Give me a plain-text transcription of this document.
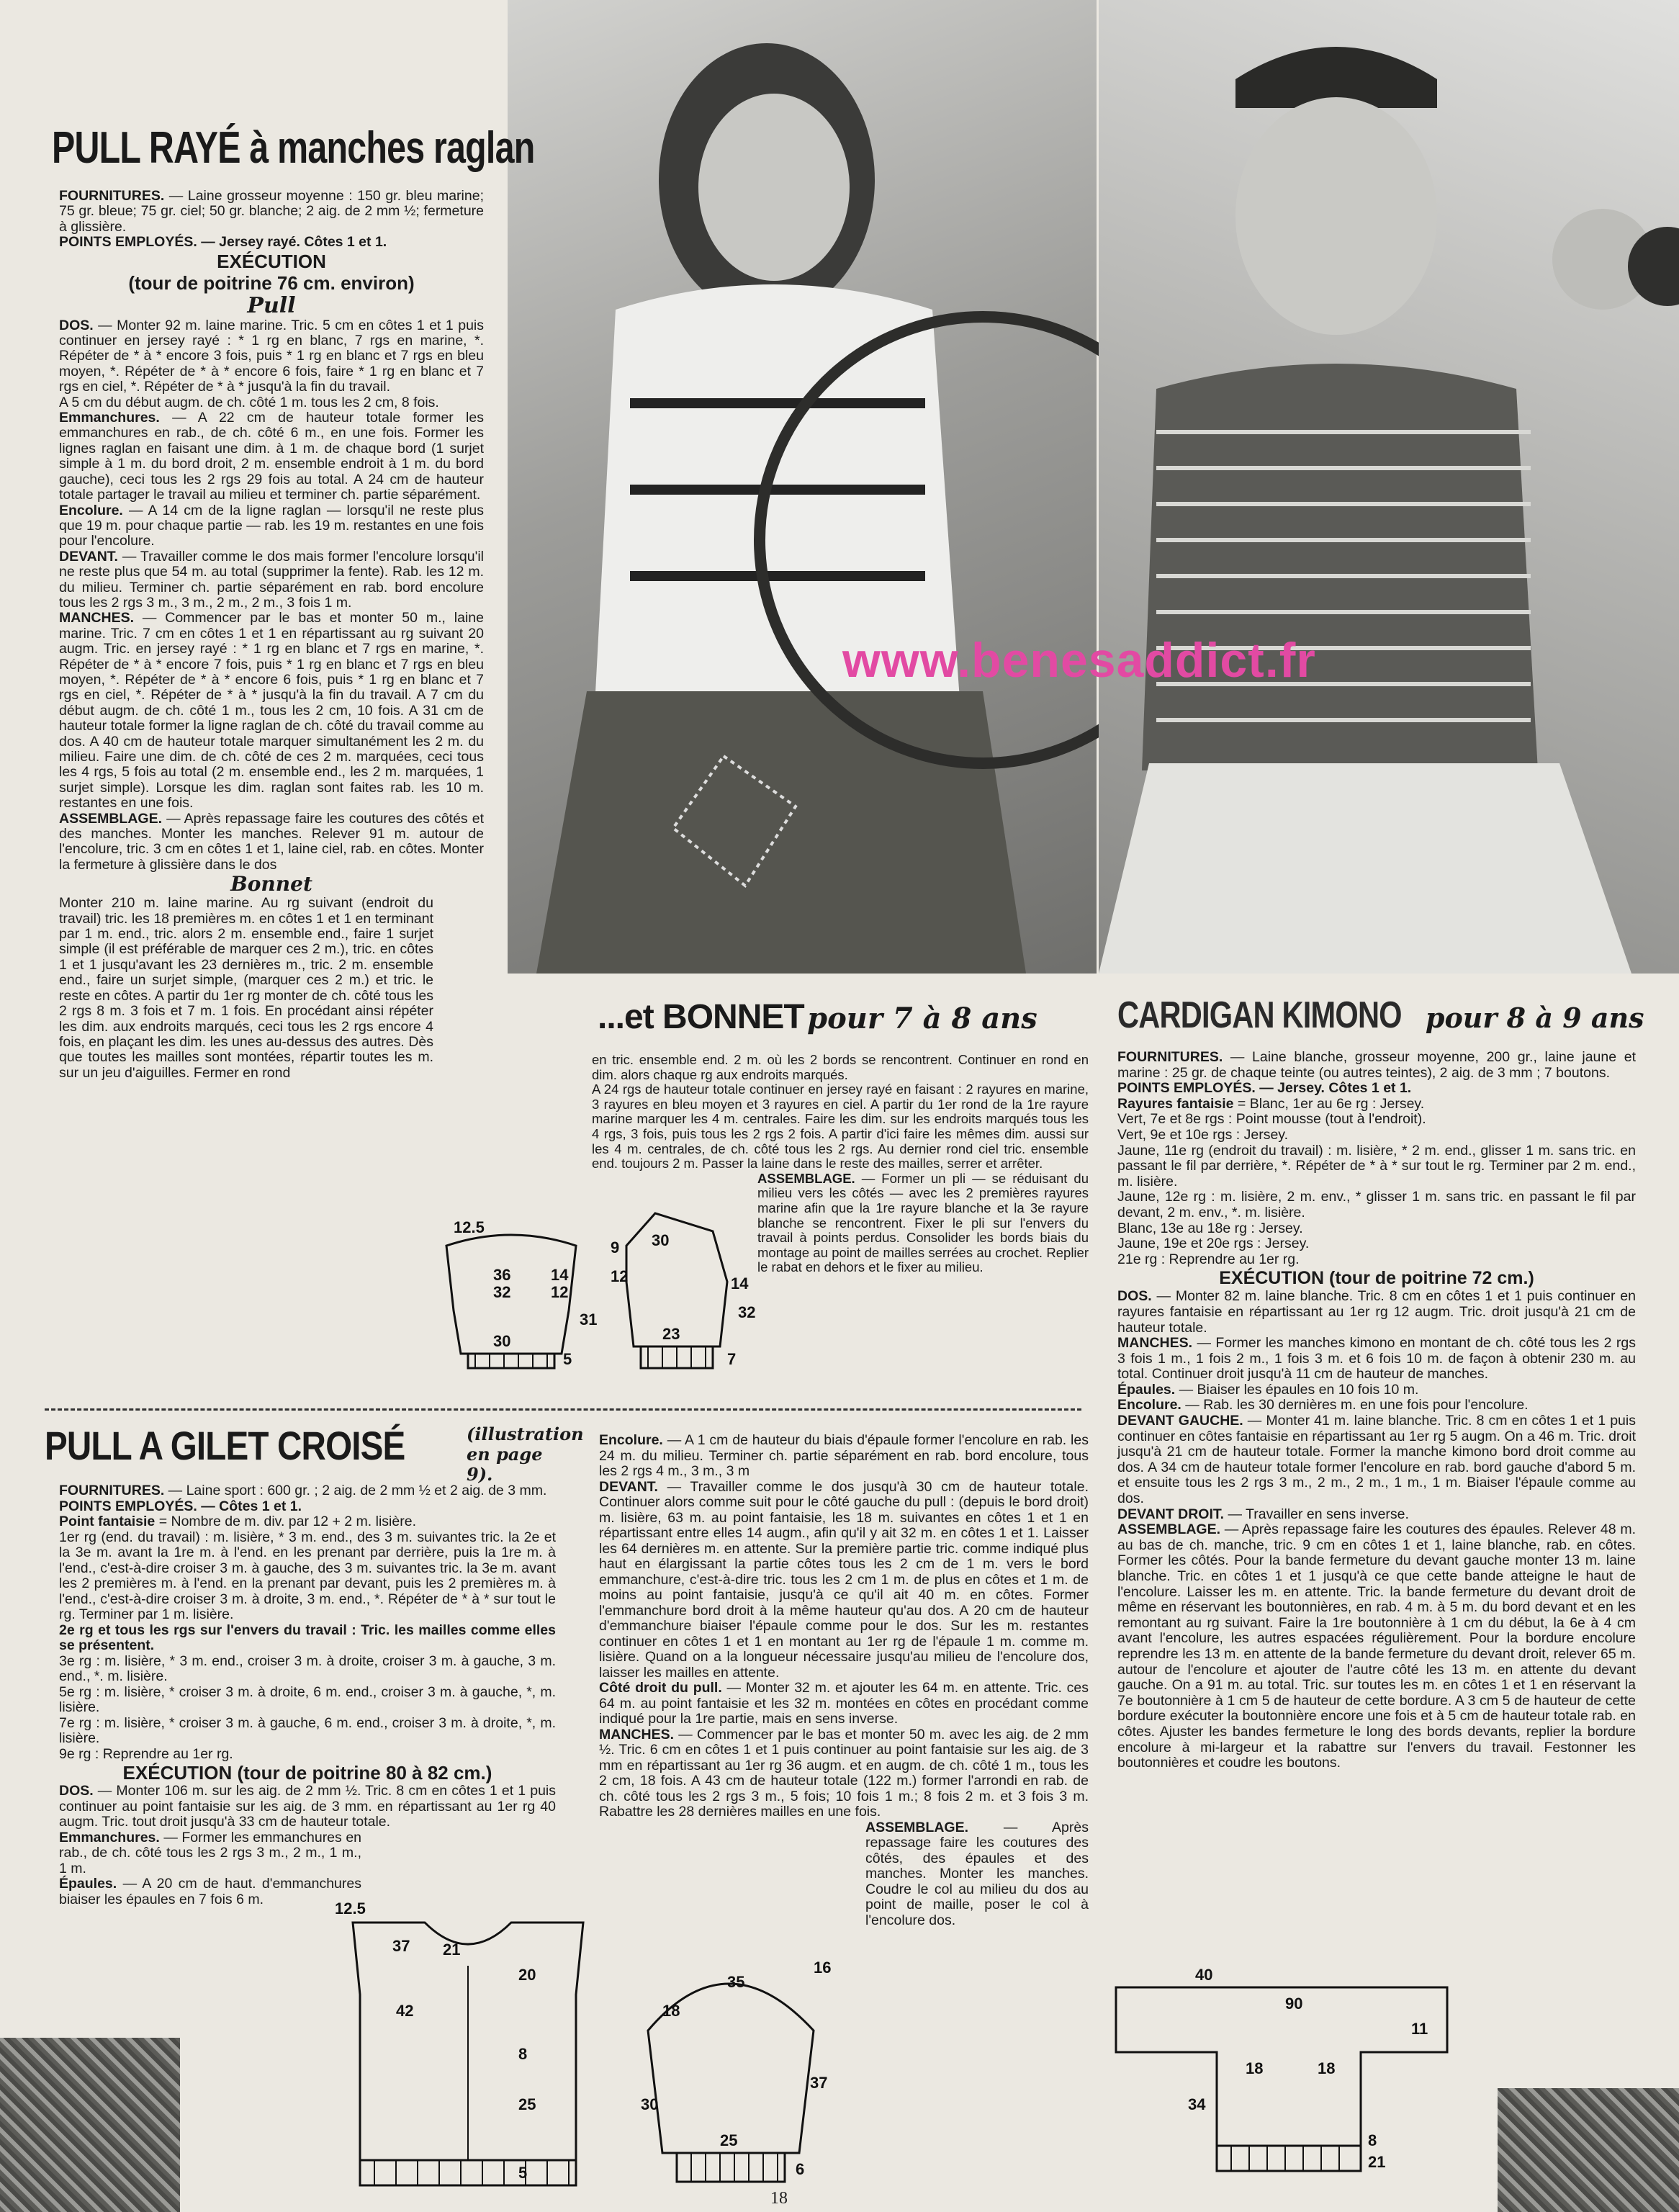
www.benesaddict.fr
PULL RAYÉ à manches raglan

FOURNITURES. — Laine grosseur moyenne : 150 gr. bleu marine; 75 gr. bleue; 75 gr. ciel; 50 gr. blanche; 2 aig. de 2 mm ½; fermeture à glissière.

POINTS EMPLOYÉS. — Jersey rayé. Côtes 1 et 1.

EXÉCUTION

(tour de poitrine 76 cm. environ)

Pull

DOS. — Monter 92 m. laine marine. Tric. 5 cm en côtes 1 et 1 puis continuer en jersey rayé : * 1 rg en blanc, 7 rgs en marine, *. Répéter de * à * encore 3 fois, puis * 1 rg en blanc et 7 rgs en bleu moyen, *. Répéter de * à * encore 6 fois, faire * 1 rg en blanc et 7 rgs en ciel, *. Répéter de * à * jusqu'à la fin du travail.

A 5 cm du début augm. de ch. côté 1 m. tous les 2 cm, 8 fois.

Emmanchures. — A 22 cm de hauteur totale former les emmanchures en rab., de ch. côté 6 m., en une fois. Former les lignes raglan en faisant une dim. à 1 m. de chaque bord (1 surjet simple à 1 m. du bord droit, 2 m. ensemble endroit à 1 m. du bord gauche), ceci tous les 2 rgs 29 fois au total. A 24 cm de hauteur totale partager le travail au milieu et terminer ch. partie séparément.

Encolure. — A 14 cm de la ligne raglan — lorsqu'il ne reste plus que 19 m. pour chaque partie — rab. les 19 m. restantes en une fois pour l'encolure.

DEVANT. — Travailler comme le dos mais former l'encolure lorsqu'il ne reste plus que 54 m. au total (supprimer la fente). Rab. les 12 m. du milieu. Terminer ch. partie séparément en rab. bord encolure tous les 2 rgs 3 m., 3 m., 2 m., 2 m., 3 fois 1 m.

MANCHES. — Commencer par le bas et monter 50 m., laine marine. Tric. 7 cm en côtes 1 et 1 en répartissant au rg suivant 20 augm. Tric. en jersey rayé : * 1 rg en blanc et 7 rgs en marine, *. Répéter de * à * encore 7 fois, puis * 1 rg en blanc et 7 rgs en bleu moyen, *. Répéter de * à * encore 6 fois, puis * 1 rg en blanc et 7 rgs en ciel, *. Répéter de * à * jusqu'à la fin du travail. A 7 cm du début augm. de ch. côté 1 m., tous les 2 cm, 10 fois. A 31 cm de hauteur totale former la ligne raglan de ch. côté du travail comme au dos. A 40 cm de hauteur totale marquer simultanément les 2 m. du milieu. Faire une dim. de ch. côté de ces 2 m. marquées, ceci tous les 4 rgs, 5 fois au total (2 m. ensemble end., les 2 m. marquées, 1 surjet simple). Lorsque les dim. raglan sont faites rab. les 10 m. restantes en une fois.

ASSEMBLAGE. — Après repassage faire les coutures des côtés et des manches. Monter les manches. Relever 91 m. autour de l'encolure, tric. 3 cm en côtes 1 et 1, laine ciel, rab. en côtes. Monter la fermeture à glissière dans le dos

Bonnet

Monter 210 m. laine marine. Au rg suivant (endroit du travail) tric. les 18 premières m. en côtes 1 et 1 en terminant par 1 m. end., tric. alors 2 m. ensemble end., faire 1 surjet simple (il est préférable de marquer ces 2 m.), tric. en côtes 1 et 1 jusqu'avant les 23 dernières m., tric. 2 m. ensemble end., faire un surjet simple, (marquer ces 2 m.) et tric. le reste en côtes. A partir du 1er rg monter de ch. côté tous les 2 rgs 8 m. 3 fois et 7 m. 1 fois. En procédant ainsi répéter les dim. aux endroits marqués, ceci tous les 2 rgs encore 4 fois, en plaçant les dim. les unes au-dessus des autres. Dès que toutes les mailles sont montées, répartir toutes les m. sur un jeu d'aiguilles. Fermer en rond

...et BONNET pour 7 à 8 ans

en tric. ensemble end. 2 m. où les 2 bords se rencontrent. Continuer en rond en dim. alors chaque rg aux endroits marqués.

A 24 rgs de hauteur totale continuer en jersey rayé en faisant : 2 rayures en marine, 3 rayures en bleu moyen et 3 rayures en ciel. A partir du 1er rond de la 1re rayure marine marquer les 4 m. centrales. Faire les dim. sur les endroits marqués tous les 4 rgs, 3 fois, puis tous les 2 rgs 2 fois. A partir d'ici faire les mêmes dim. aussi sur les 4 m. centrales, de ch. côté tous les 2 rgs. Au dernier rond ciel tric. ensemble end. toujours 2 m. Passer la laine dans le reste des mailles, serrer et arrêter.

ASSEMBLAGE. — Former un pli — se réduisant du milieu vers les côtés — avec les 2 premières rayures marine afin que la 1re rayure blanche et la 3e rayure blanche se rencontrent. Fixer le pli sur l'envers du travail à points perdus. Consolider les bords biais du montage au point de mailles serrées au crochet. Replier le rabat en dehors et le fixer au milieu.

12.5
36
32
14
12
31
30
5
9 30
12	14
32
23
7
CARDIGAN KIMONO pour 8 à 9 ans

FOURNITURES. — Laine blanche, grosseur moyenne, 200 gr., laine jaune et marine : 25 gr. de chaque teinte (ou autres teintes), 2 aig. de 3 mm ; 7 boutons.

POINTS EMPLOYÉS. — Jersey. Côtes 1 et 1.

Rayures fantaisie = Blanc, 1er au 6e rg : Jersey.

Vert, 7e et 8e rgs : Point mousse (tout à l'endroit).

Vert, 9e et 10e rgs : Jersey.

Jaune, 11e rg (endroit du travail) : m. lisière, * 2 m. end., glisser 1 m. sans tric. en passant le fil par derrière, *. Répéter de * à * sur tout le rg. Terminer par 2 m. end., m. lisière.

Jaune, 12e rg : m. lisière, 2 m. env., * glisser 1 m. sans tric. en passant le fil par devant, 2 m. env., *. m. lisière.

Blanc, 13e au 18e rg : Jersey.

Jaune, 19e et 20e rgs : Jersey.

21e rg : Reprendre au 1er rg.

EXÉCUTION (tour de poitrine 72 cm.)

DOS. — Monter 82 m. laine blanche. Tric. 8 cm en côtes 1 et 1 puis continuer en rayures fantaisie en répartissant au 1er rg 12 augm. Tric. droit jusqu'à 21 cm de hauteur totale.

MANCHES. — Former les manches kimono en montant de ch. côté tous les 2 rgs 3 fois 1 m., 1 fois 2 m., 1 fois 3 m. et 6 fois 10 m. de façon à obtenir 230 m. au total. Continuer droit jusqu'à 11 cm de hauteur de manches.

Épaules. — Biaiser les épaules en 10 fois 10 m.

Encolure. — Rab. les 30 dernières m. en une fois pour l'encolure.

DEVANT GAUCHE. — Monter 41 m. laine blanche. Tric. 8 cm en côtes 1 et 1 puis continuer en côtes fantaisie en répartissant au 1er rg 5 augm. On a 46 m. Tric. droit jusqu'à 21 cm de hauteur totale. Former la manche kimono bord droit comme au dos. A 34 cm de hauteur totale former l'encolure en rab. bord gauche d'abord 5 m. et ensuite tous les 2 rgs 3 m., 2 m., 2 m., 1 m., 1 m. Biaiser l'épaule comme au dos.

DEVANT DROIT. — Travailler en sens inverse.

ASSEMBLAGE. — Après repassage faire les coutures des épaules. Relever 48 m. au bas de ch. manche, tric. 9 cm en côtes 1 et 1, laine blanche, rab. en côtes. Former les côtés. Pour la bande fermeture du devant gauche monter 13 m. laine blanche. Tric. en côtes 1 et 1 jusqu'à ce que cette bande atteigne le haut de l'encolure. Laisser les m. en attente. Tric. la bande fermeture du devant droit de même en réservant les boutonnières, en rab. 4 m. à 5 m. du bord devant et en les remontant au rg suivant. Faire la 1re boutonnière à 1 cm du début, la 6e à 4 cm avant l'encolure, les autres espacées régulièrement. Pour la bordure encolure reprendre les 13 m. en attente de la bande fermeture du devant droit, relever 65 m. autour de l'encolure et ajouter de l'autre côté les 13 m. en attente du devant gauche. On a 91 m. au total. Tric. sur toutes les m. en côtes 1 et 1 en réservant la 7e boutonnière à 1 cm 5 de hauteur de cette bordure. A 3 cm 5 de hauteur de cette bordure exécuter la boutonnière encore une fois et à 5 cm de hauteur totale rab. en côtes. Ajuster les bandes fermeture le long des bords devants, replier la bordure encolure à mi-largeur et la rabattre sur l'envers du travail. Festonner les boutonnières et coudre les boutons.

PULL A GILET CROISÉ	(illustration en page 9).

FOURNITURES. — Laine sport : 600 gr. ; 2 aig. de 2 mm ½ et 2 aig. de 3 mm.

POINTS EMPLOYÉS. — Côtes 1 et 1.

Point fantaisie = Nombre de m. div. par 12 + 2 m. lisière.

1er rg (end. du travail) : m. lisière, * 3 m. end., des 3 m. suivantes tric. la 2e et la 3e m. avant la 1re m. à l'end. en les prenant par derrière, puis la 1re m. à l'end., c'est-à-dire croiser 3 m. à gauche, des 3 m. suivantes tric. la 3e m. avant les 2 premières m. à l'end. en la prenant par devant, puis les 2 premières m. à l'end., c'est-à-dire croiser 3 m. à droite, 3 m. end., *. Répéter de * à * sur tout le rg. Terminer par 1 m. lisière.

2e rg et tous les rgs sur l'envers du travail : Tric. les mailles comme elles se présentent.

3e rg : m. lisière, * 3 m. end., croiser 3 m. à droite, croiser 3 m. à gauche, 3 m. end., *. m. lisière.

5e rg : m. lisière, * croiser 3 m. à droite, 6 m. end., croiser 3 m. à gauche, *, m. lisière.

7e rg : m. lisière, * croiser 3 m. à gauche, 6 m. end., croiser 3 m. à droite, *, m. lisière.

9e rg : Reprendre au 1er rg.

EXÉCUTION (tour de poitrine 80 à 82 cm.)

DOS. — Monter 106 m. sur les aig. de 2 mm ½. Tric. 8 cm en côtes 1 et 1 puis continuer au point fantaisie sur les aig. de 3 mm. en répartissant au 1er rg 40 augm. Tric. tout droit jusqu'à 33 cm de hauteur totale.

Emmanchures. — Former les emmanchures en rab., de ch. côté tous les 2 rgs 3 m., 2 m., 1 m., 1 m.

Épaules. — A 20 cm de haut. d'emmanchures biaiser les épaules en 7 fois 6 m.

Encolure. — A 1 cm de hauteur du biais d'épaule former l'encolure en rab. les 24 m. du milieu. Terminer ch. partie séparément en rab. bord encolure, tous les 2 rgs 4 m., 3 m., 3 m

DEVANT. — Travailler comme le dos jusqu'à 30 cm de hauteur totale. Continuer alors comme suit pour le côté gauche du pull : (depuis le bord droit) m. lisière, 63 m. au point fantaisie, les 18 m. suivantes en côtes 1 et 1 en répartissant entre elles 14 augm., afin qu'il y ait 32 m. en côtes 1 et 1. Laisser les 64 dernières m. en attente. Sur la première partie tric. comme indiqué plus haut en élargissant la partie côtes tous les 2 cm de 1 m. vers le bord emmanchure, c'est-à-dire tric. tous les 2 cm 1 m. de plus en côtes et 1 m. de moins au point fantaisie, jusqu'à ce qu'il ait 40 m. en côtes. Former l'emmanchure bord droit à la même hauteur qu'au dos. A 20 cm de hauteur d'emmanchure biaiser l'épaule comme pour le dos. Sur les m. restantes continuer en côtes 1 et 1 en montant au 1er rg de l'épaule 1 m. comme m. lisière. Quand on a la longueur nécessaire jusqu'au milieu de l'encolure dos, laisser les mailles en attente.

Côté droit du pull. — Monter 32 m. et ajouter les 64 m. en attente. Tric. ces 64 m. au point fantaisie et les 32 m. montées en côtes en procédant comme indiqué pour la 1re partie, mais en sens inverse.

MANCHES. — Commencer par le bas et monter 50 m. avec les aig. de 2 mm ½. Tric. 6 cm en côtes 1 et 1 puis continuer au point fantaisie sur les aig. de 3 mm en répartissant au 1er rg 36 augm. et en augm. de ch. côté 1 m., tous les 2 cm, 18 fois. A 43 cm de hauteur totale (122 m.) former l'arrondi en rab. de ch. côté tous les 2 rgs 3 m., 5 fois; 10 fois 1 m.; 8 fois 2 m. et 3 fois 3 m. Rabattre les 28 dernières mailles en une fois.

ASSEMBLAGE.	— Après repassage faire les coutures des côtés, des épaules et des manches. Monter les manches. Coudre le col au milieu du dos au point de maille, poser le col à l'encolure dos.

12.5
37 21
20
42
8
25
5
35
16
18
30
25
37
6
40
90
11
34
18	18
8
21
18
